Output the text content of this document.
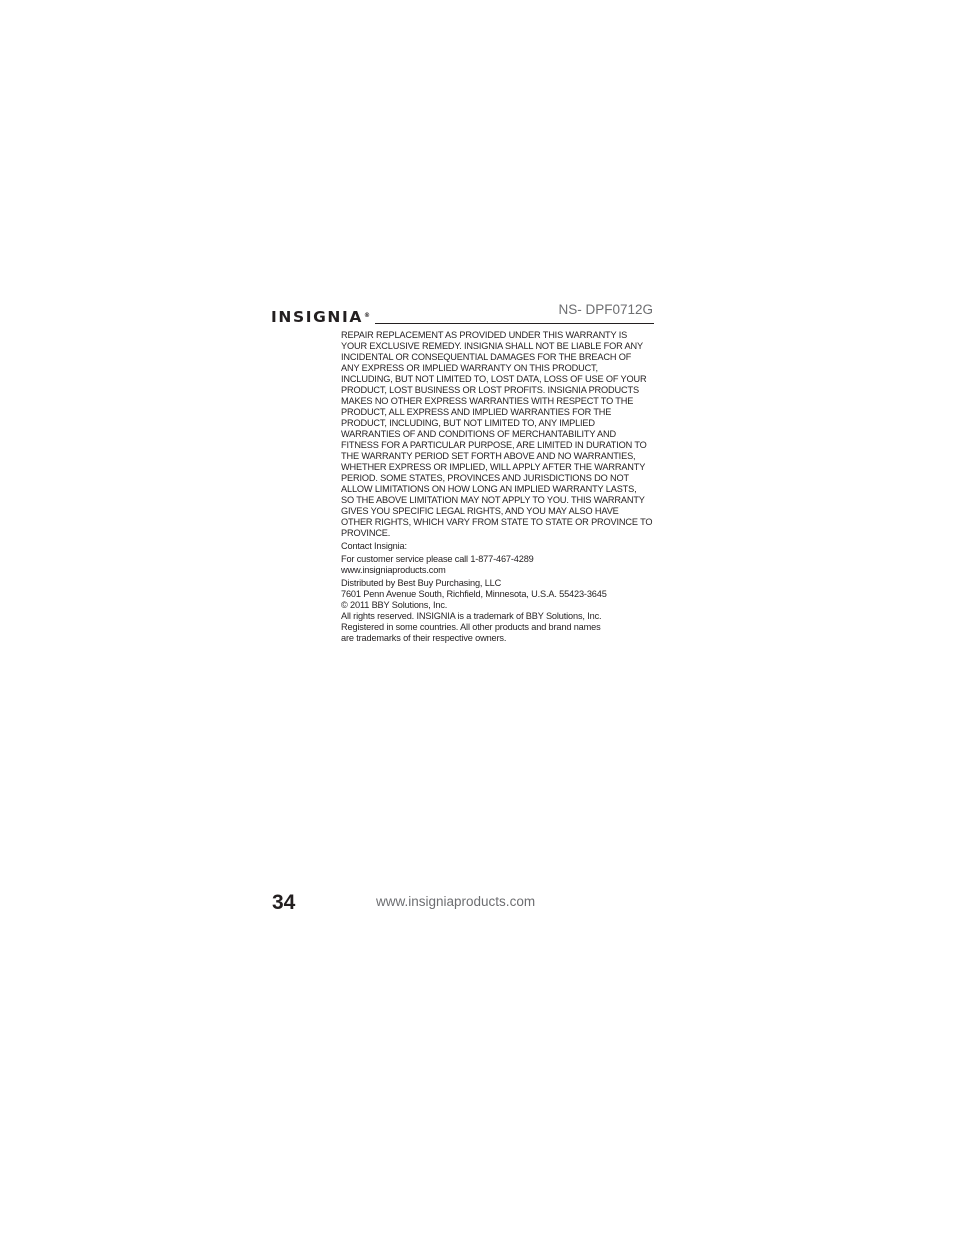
INSIGNIA®	NS- DPF0712G

REPAIR REPLACEMENT AS PROVIDED UNDER THIS WARRANTY IS
YOUR EXCLUSIVE REMEDY. INSIGNIA SHALL NOT BE LIABLE FOR ANY
INCIDENTAL OR CONSEQUENTIAL DAMAGES FOR THE BREACH OF
ANY EXPRESS OR IMPLIED WARRANTY ON THIS PRODUCT,
INCLUDING, BUT NOT LIMITED TO, LOST DATA, LOSS OF USE OF YOUR
PRODUCT, LOST BUSINESS OR LOST PROFITS. INSIGNIA PRODUCTS
MAKES NO OTHER EXPRESS WARRANTIES WITH RESPECT TO THE
PRODUCT, ALL EXPRESS AND IMPLIED WARRANTIES FOR THE
PRODUCT, INCLUDING, BUT NOT LIMITED TO, ANY IMPLIED
WARRANTIES OF AND CONDITIONS OF MERCHANTABILITY AND
FITNESS FOR A PARTICULAR PURPOSE, ARE LIMITED IN DURATION TO
THE WARRANTY PERIOD SET FORTH ABOVE AND NO WARRANTIES,
WHETHER EXPRESS OR IMPLIED, WILL APPLY AFTER THE WARRANTY
PERIOD. SOME STATES, PROVINCES AND JURISDICTIONS DO NOT
ALLOW LIMITATIONS ON HOW LONG AN IMPLIED WARRANTY LASTS,
SO THE ABOVE LIMITATION MAY NOT APPLY TO YOU. THIS WARRANTY
GIVES YOU SPECIFIC LEGAL RIGHTS, AND YOU MAY ALSO HAVE
OTHER RIGHTS, WHICH VARY FROM STATE TO STATE OR PROVINCE TO
PROVINCE.

Contact Insignia:

For customer service please call 1-877-467-4289
www.insigniaproducts.com

Distributed by Best Buy Purchasing, LLC
7601 Penn Avenue South, Richfield, Minnesota, U.S.A. 55423-3645
© 2011 BBY Solutions, Inc.
All rights reserved. INSIGNIA is a trademark of BBY Solutions, Inc.
Registered in some countries. All other products and brand names
are trademarks of their respective owners.

34	www.insigniaproducts.com
